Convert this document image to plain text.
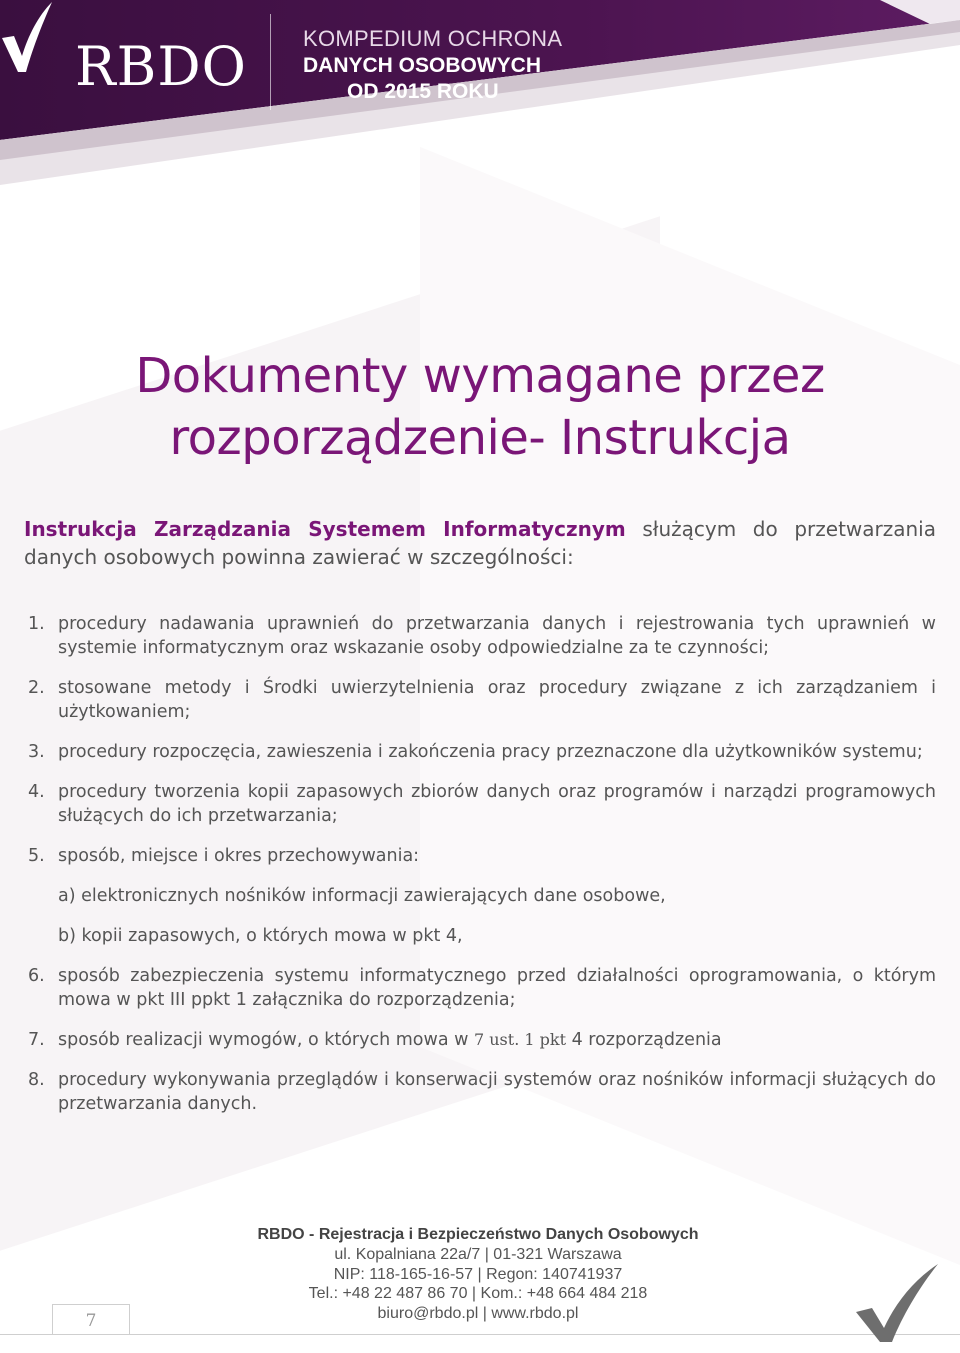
RBDO	KOMPEDIUM OCHRONA
DANYCH OSOBOWYCH
OD 2015 ROKU
Dokumenty wymagane przez
rozporządzenie- Instrukcja

Instrukcja Zarządzania Systemem Informatycznym służącym do przetwarzania danych osobowych powinna zawierać w szczególności:

1. procedury nadawania uprawnień do przetwarzania danych i rejestrowania tych uprawnień w systemie informatycznym oraz wskazanie osoby odpowiedzialne za te czynności;
2. stosowane metody i Środki uwierzytelnienia oraz procedury związane z ich zarządzaniem i użytkowaniem;
3. procedury rozpoczęcia, zawieszenia i zakończenia pracy przeznaczone dla użytkowników systemu;
4. procedury tworzenia kopii zapasowych zbiorów danych oraz programów i narządzi programowych służących do ich przetwarzania;
5. sposób, miejsce i okres przechowywania:
a) elektronicznych nośników informacji zawierających dane osobowe,
b) kopii zapasowych, o których mowa w pkt 4,
6. sposób zabezpieczenia systemu informatycznego przed działalności oprogramowania, o którym mowa w pkt III ppkt 1 załącznika do rozporządzenia;
7. sposób realizacji wymogów, o których mowa w 7 ust. 1 pkt 4 rozporządzenia
8. procedury wykonywania przeglądów i konserwacji systemów oraz nośników informacji służących do przetwarzania danych.
RBDO - Rejestracja i Bezpieczeństwo Danych Osobowych
ul. Kopalniana 22a/7 | 01-321 Warszawa
NIP: 118-165-16-57 | Regon: 140741937
Tel.: +48 22 487 86 70 | Kom.: +48 664 484 218
biuro@rbdo.pl | www.rbdo.pl
7
